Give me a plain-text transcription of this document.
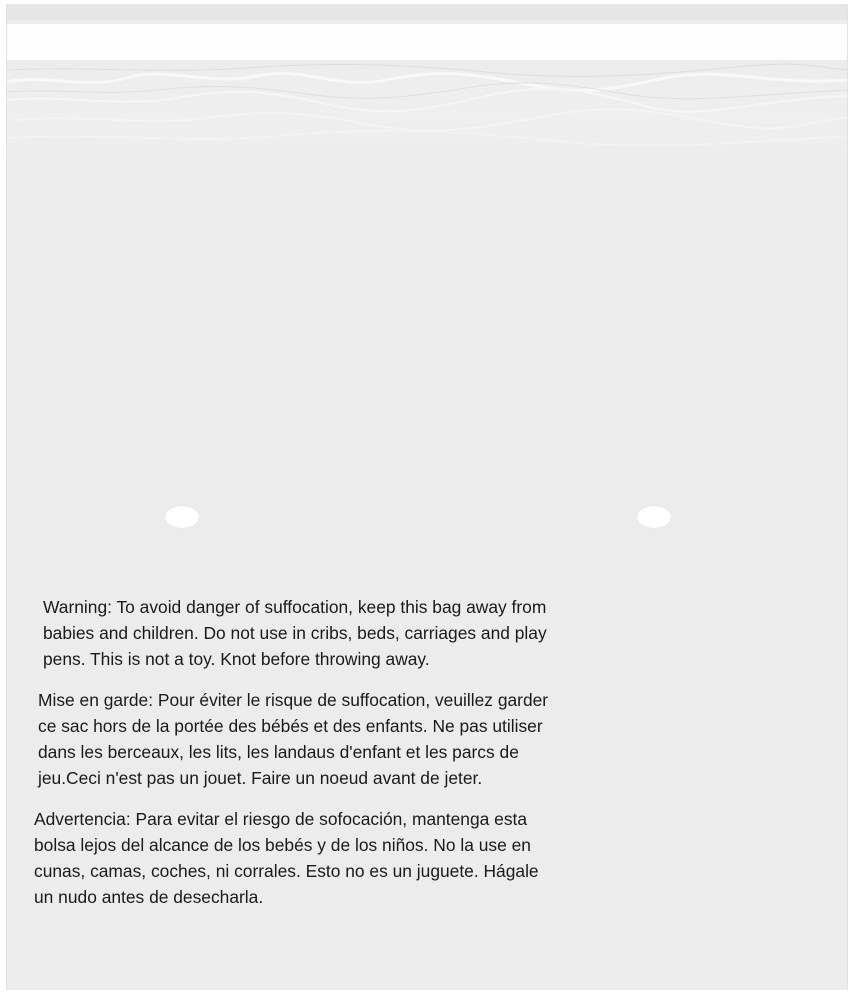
Warning: To avoid danger of suffocation, keep this bag away from
babies and children. Do not use in cribs, beds, carriages and play
pens. This is not a toy. Knot before throwing away.

Mise en garde: Pour éviter le risque de suffocation, veuillez garder
ce sac hors de la portée des bébés et des enfants. Ne pas utiliser
dans les berceaux, les lits, les landaus d'enfant et les parcs de
jeu.Ceci n'est pas un jouet. Faire un noeud avant de jeter.

Advertencia: Para evitar el riesgo de sofocación, mantenga esta
bolsa lejos del alcance de los bebés y de los niños. No la use en
cunas, camas, coches, ni corrales. Esto no es un juguete. Hágale
un nudo antes de desecharla.
